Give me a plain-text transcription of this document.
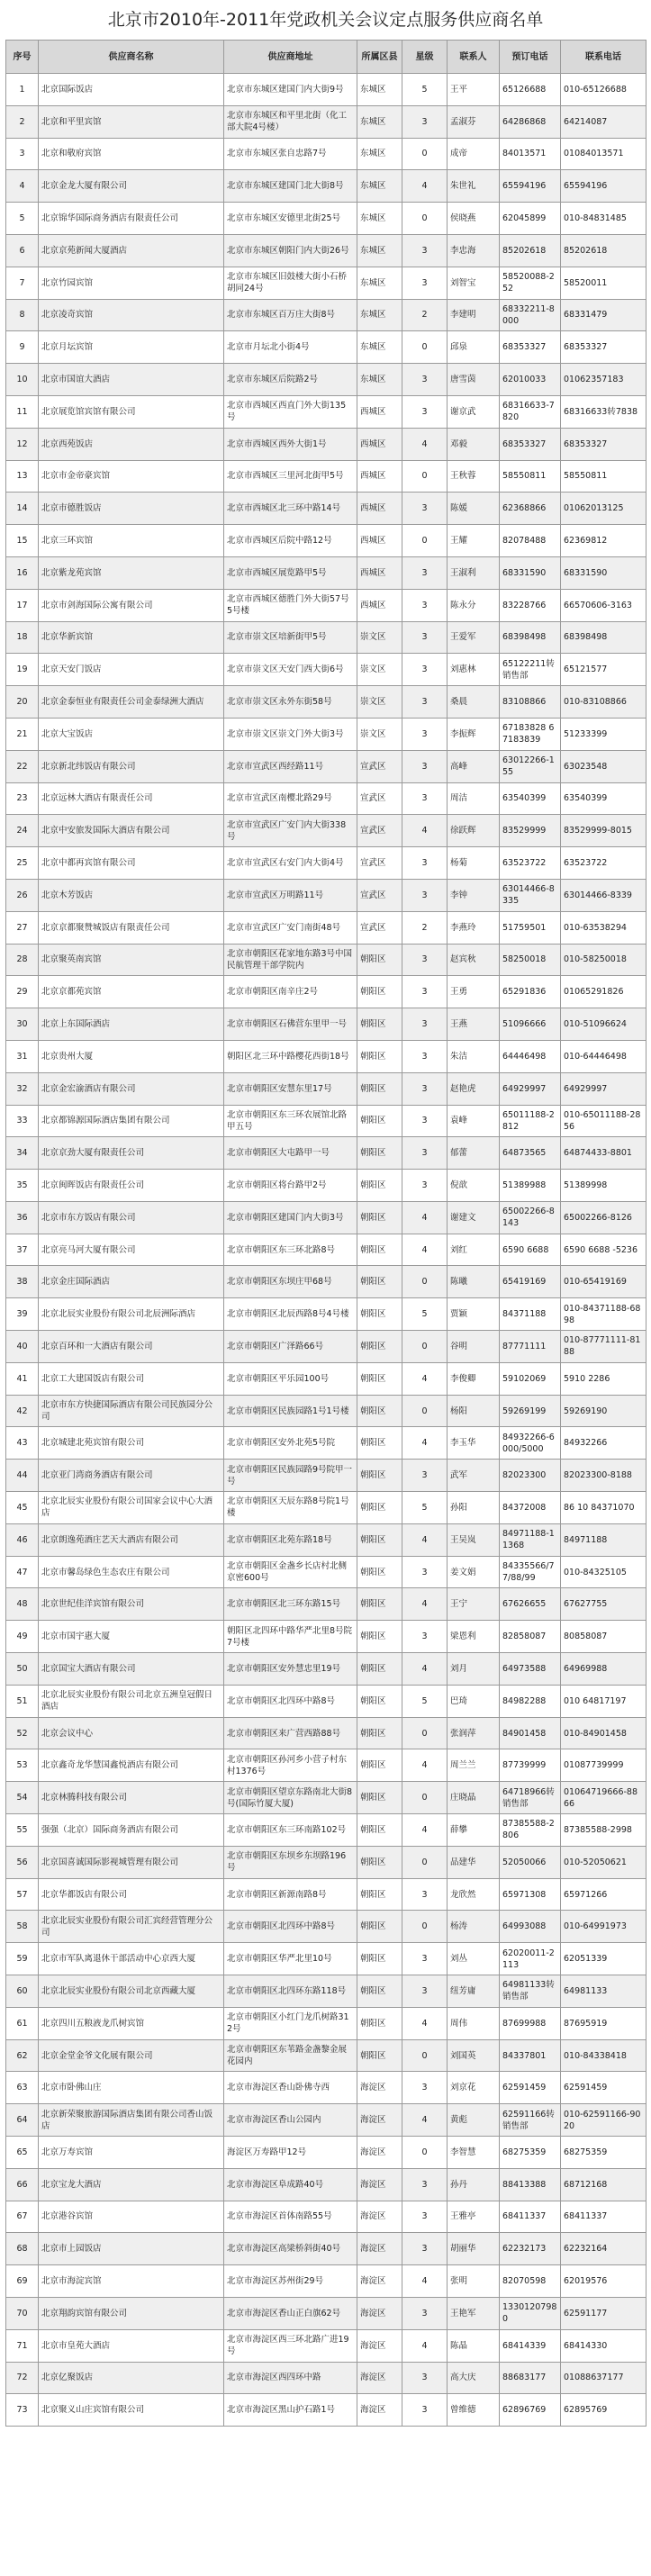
北京市2010年-2011年党政机关会议定点服务供应商名单
序号	供应商名称	供应商地址	所属区县	星级	联系人	预订电话	联系电话
1	北京国际饭店	北京市东城区建国门内大街9号	东城区	5	王平	65126688	010-65126688
2	北京和平里宾馆	北京市东城区和平里北街（化工部大院4号楼）	东城区	3	孟淑芬	64286868	64214087
3	北京和敬府宾馆	北京市东城区张自忠路7号	东城区	0	成帝	84013571	01084013571
4	北京金龙大厦有限公司	北京市东城区建国门北大街8号	东城区	4	朱世礼	65594196	65594196
5	北京锦华国际商务酒店有限责任公司	北京市东城区安德里北街25号	东城区	0	侯晓燕	62045899	010-84831485
6	北京京苑新闻大厦酒店	北京市东城区朝阳门内大街26号	东城区	3	李忠海	85202618	85202618
7	北京竹园宾馆	北京市东城区旧鼓楼大街小石桥胡同24号	东城区	3	刘智宝	58520088-252	58520011
8	北京凌奇宾馆	北京市东城区百万庄大街8号	东城区	2	李建明	68332211-8000	68331479
9	北京月坛宾馆	北京市月坛北小街4号	东城区	0	邱泉	68353327	68353327
10	北京市国谊大酒店	北京市东城区后院路2号	东城区	3	唐雪茵	62010033	01062357183
11	北京展览馆宾馆有限公司	北京市西城区西直门外大街135号	西城区	3	谢京武	68316633-7820	68316633转7838
12	北京西苑饭店	北京市西城区西外大街1号	西城区	4	邓毅	68353327	68353327
13	北京市金帝豪宾馆	北京市西城区三里河北街甲5号	西城区	0	王秋蓉	58550811	58550811
14	北京市德胜饭店	北京市西城区北三环中路14号	西城区	3	陈媛	62368866	01062013125
15	北京三环宾馆	北京市西城区后院中路12号	西城区	0	王耀	82078488	62369812
16	北京紫龙苑宾馆	北京市西城区展览路甲5号	西城区	3	王淑利	68331590	68331590
17	北京市剑海国际公寓有限公司	北京市西城区德胜门外大街57号5号楼	西城区	3	陈永分	83228766	66570606-3163
18	北京华新宾馆	北京市崇文区培新街甲5号	崇文区	3	王爱军	68398498	68398498
19	北京天安门饭店	北京市崇文区天安门西大街6号	崇文区	3	刘惠林	65122211转销售部	65121577
20	北京金泰恒业有限责任公司金泰绿洲大酒店	北京市崇文区永外东街58号	崇文区	3	桑晨	83108866	010-83108866
21	北京大宝饭店	北京市崇文区崇文门外大街3号	崇文区	3	李振辉	67183828 67183839	51233399
22	北京新北纬饭店有限公司	北京市宣武区西经路11号	宣武区	3	高峰	63012266-155	63023548
23	北京远林大酒店有限责任公司	北京市宣武区南樱北路29号	宣武区	3	周洁	63540399	63540399
24	北京中安旅发国际大酒店有限公司	北京市宣武区广安门内大街338号	宣武区	4	徐跃辉	83529999	83529999-8015
25	北京中都再宾馆有限公司	北京市宣武区右安门内大街4号	宣武区	3	杨菊	63523722	63523722
26	北京木芳饭店	北京市宣武区万明路11号	宣武区	3	李钟	63014466-8335	63014466-8339
27	北京京都聚赞城饭店有限责任公司	北京市宣武区广安门南街48号	宣武区	2	李燕玲	51759501	010-63538294
28	北京聚英南宾馆	北京市朝阳区花家地东路3号中国民航管理干部学院内	朝阳区	3	赵宾秋	58250018	010-58250018
29	北京京都苑宾馆	北京市朝阳区南辛庄2号	朝阳区	3	王勇	65291836	01065291826
30	北京上东国际酒店	北京市朝阳区石佛营东里甲一号	朝阳区	3	王燕	51096666	010-51096624
31	北京贵州大厦	朝阳区北三环中路樱花西街18号	朝阳区	3	朱洁	64446498	010-64446498
32	北京金宏渝酒店有限公司	北京市朝阳区安慧东里17号	朝阳区	3	赵艳虎	64929997	64929997
33	北京都锦源国际酒店集团有限公司	北京市朝阳区东三环农展馆北路甲五号	朝阳区	3	袁峰	65011188-2812	010-65011188-2856
34	北京京劲大厦有限责任公司	北京市朝阳区大屯路甲一号	朝阳区	3	郁蕾	64873565	64874433-8801
35	北京闽晖饭店有限责任公司	北京市朝阳区将台路甲2号	朝阳区	3	倪歆	51389988	51389998
36	北京市东方饭店有限公司	北京市朝阳区建国门内大街3号	朝阳区	4	谢建文	65002266-8143	65002266-8126
37	北京亮马河大厦有限公司	北京市朝阳区东三环北路8号	朝阳区	4	刘红	6590 6688	6590 6688 -5236
38	北京金庄国际酒店	北京市朝阳区东坝庄甲68号	朝阳区	0	陈曦	65419169	010-65419169
39	北京北辰实业股份有限公司北辰洲际酒店	北京市朝阳区北辰西路8号4号楼	朝阳区	5	贾颖	84371188	010-84371188-6898
40	北京百环和一大酒店有限公司	北京市朝阳区广泽路66号	朝阳区	0	谷明	87771111	010-87771111-8188
41	北京工大建国饭店有限公司	北京市朝阳区平乐园100号	朝阳区	4	李俊卿	59102069	5910 2286
42	北京市东方快捷国际酒店有限公司民族园分公司	北京市朝阳区民族园路1号1号楼	朝阳区	0	杨阳	59269199	59269190
43	北京城建北苑宾馆有限公司	北京市朝阳区安外北苑5号院	朝阳区	4	李玉华	84932266-6000/5000	84932266
44	北京亚门湾商务酒店有限公司	北京市朝阳区民族园路9号院甲一号	朝阳区	3	武军	82023300	82023300-8188
45	北京北辰实业股份有限公司国家会议中心大酒店	北京市朝阳区天辰东路8号院1号楼	朝阳区	5	孙阳	84372008	86 10 84371070
46	北京朗逸苑酒庄艺天大酒店有限公司	北京市朝阳区北苑东路18号	朝阳区	4	王吴岚	84971188-11368	84971188
47	北京市馨岛绿色生态农庄有限公司	北京市朝阳区金盏乡长店村北侧京密600号	朝阳区	3	姜文娟	84335566/77/88/99	010-84325105
48	北京世纪佳洋宾馆有限公司	北京市朝阳区北三环东路15号	朝阳区	4	王宁	67626655	67627755
49	北京市国宇惠大厦	朝阳区北四环中路华严北里8号院7号楼	朝阳区	3	梁恩利	82858087	80858087
50	北京国宝大酒店有限公司	北京市朝阳区安外慧忠里19号	朝阳区	4	刘月	64973588	64969988
51	北京北辰实业股份有限公司北京五洲皇冠假日酒店	北京市朝阳区北四环中路8号	朝阳区	5	巴琦	84982288	010 64817197
52	北京会议中心	北京市朝阳区来广营西路88号	朝阳区	0	张润萍	84901458	010-84901458
53	北京鑫奇龙华慧国鑫悦酒店有限公司	北京市朝阳区孙河乡小营子村东村1376号	朝阳区	4	周兰兰	87739999	01087739999
54	北京林腾科技有限公司	北京市朝阳区望京东路南北大街8号(国际竹厦大厦)	朝阳区	0	庄晓晶	64718966转销售部	01064719666-8866
55	强强（北京）国际商务酒店有限公司	北京市朝阳区东三环南路102号	朝阳区	4	薛攀	87385588-2806	87385588-2998
56	北京国喜诚国际影视城管理有限公司	北京市朝阳区东坝乡东坝路196号	朝阳区	0	品建华	52050066	010-52050621
57	北京华都饭店有限公司	北京市朝阳区新源南路8号	朝阳区	3	龙欣然	65971308	65971266
58	北京北辰实业股份有限公司汇宾经营管理分公司	北京市朝阳区北四环中路8号	朝阳区	0	杨涛	64993088	010-64991973
59	北京市军队离退休干部活动中心京西大厦	北京市朝阳区华严北里10号	朝阳区	3	刘丛	62020011-2113	62051339
60	北京北辰实业股份有限公司北京西藏大厦	北京市朝阳区北四环东路118号	朝阳区	3	纽芳庸	64981133转销售部	64981133
61	北京四川五粮液龙爪树宾馆	北京市朝阳区小红门龙爪树路312号	朝阳区	4	周伟	87699988	87695919
62	北京金堂金爷文化展有限公司	北京市朝阳区东苇路金盏黎金展花园内	朝阳区	0	刘国英	84337801	010-84338418
63	北京市卧佛山庄	北京市海淀区香山卧佛寺西	海淀区	3	刘京花	62591459	62591459
64	北京新荣聚旅游国际酒店集团有限公司香山饭店	北京市海淀区香山公园内	海淀区	4	黄彪	62591166转销售部	010-62591166-9020
65	北京万寿宾馆	海淀区万寿路甲12号	海淀区	0	李智慧	68275359	68275359
66	北京宝龙大酒店	北京市海淀区阜成路40号	海淀区	3	孙丹	88413388	68712168
67	北京港谷宾馆	北京市海淀区首体南路55号	海淀区	3	王雅亭	68411337	68411337
68	北京市上园饭店	北京市海淀区高梁桥斜街40号	海淀区	3	胡丽华	62232173	62232164
69	北京市海淀宾馆	北京市海淀区苏州街29号	海淀区	4	张明	82070598	62019576
70	北京翔韵宾馆有限公司	北京市海淀区香山正白旗62号	海淀区	3	王艳军	13301207980	62591177
71	北京市皇苑大酒店	北京市海淀区西三环北路广进19号	海淀区	4	陈晶	68414339	68414330
72	北京亿聚饭店	北京市海淀区西四环中路	海淀区	3	高大庆	88683177	01088637177
73	北京聚义山庄宾馆有限公司	北京市海淀区黑山护石路1号	海淀区	3	曾维德	62896769	62895769
